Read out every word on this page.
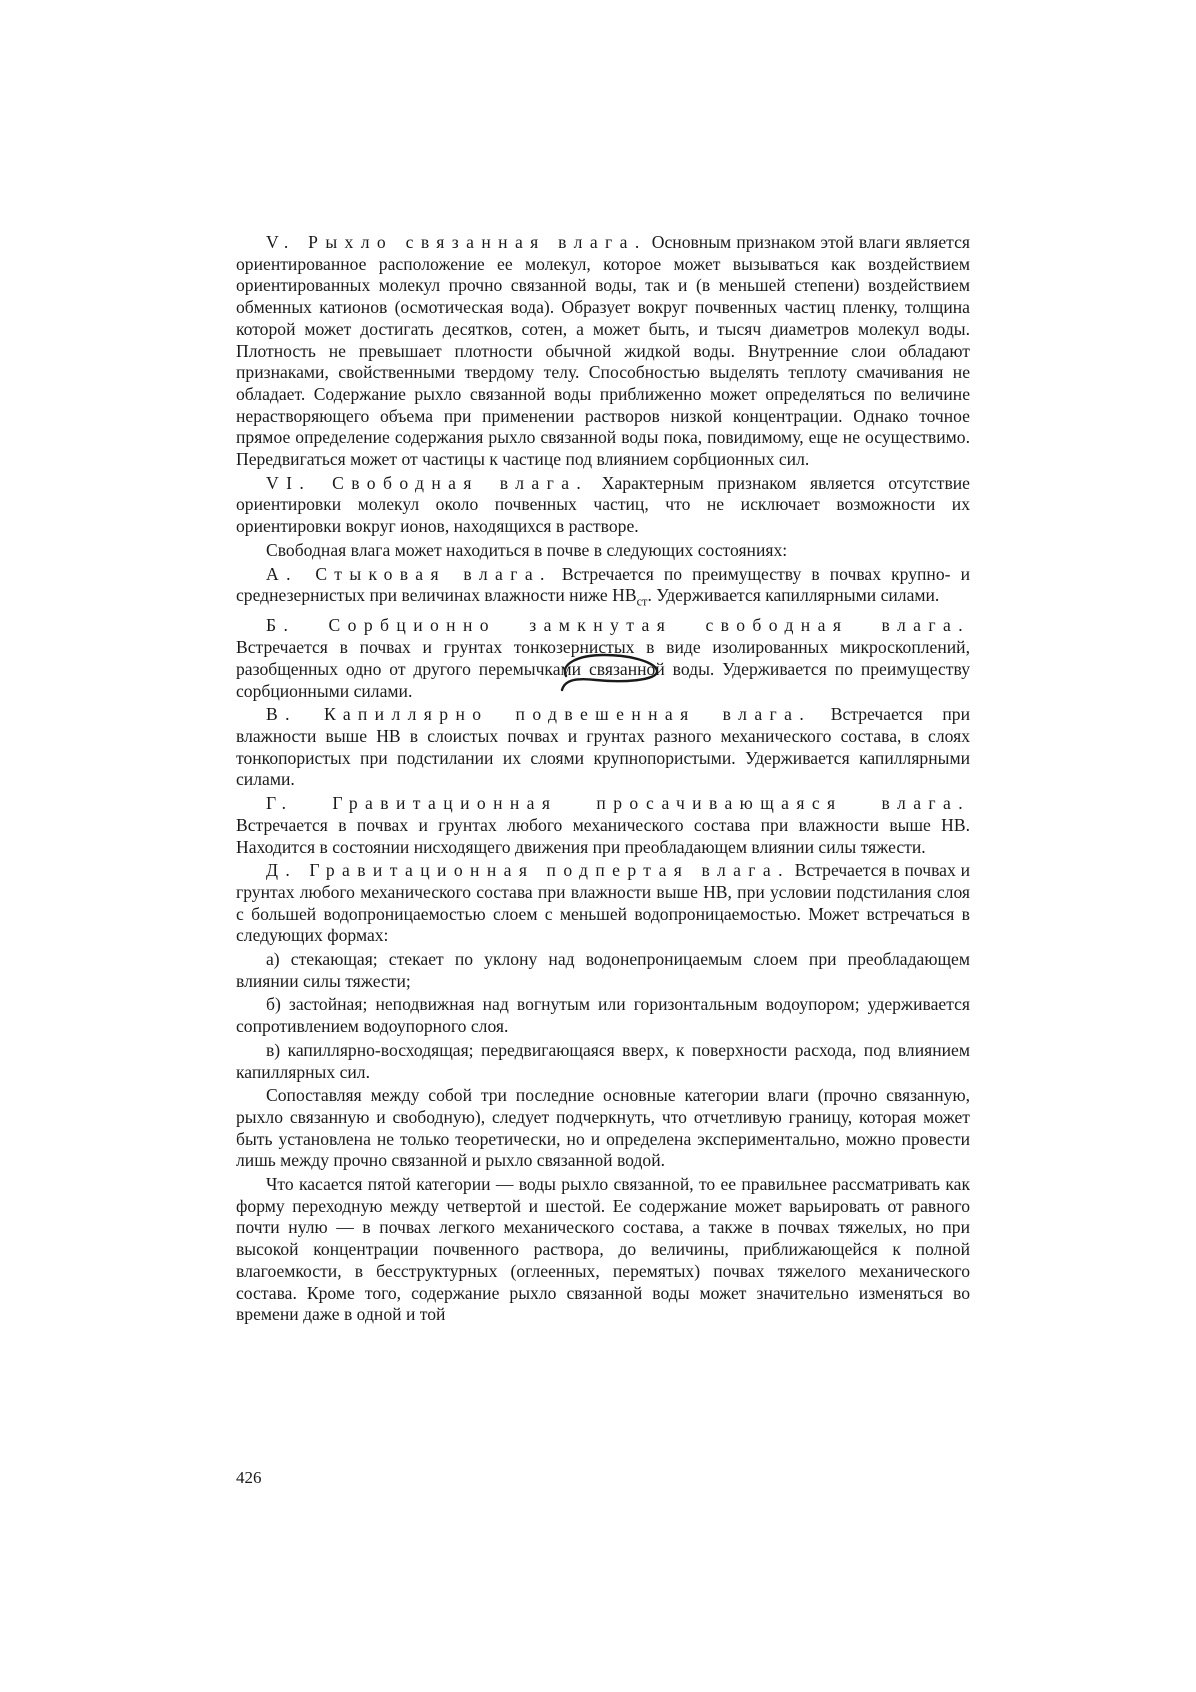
V. Рыхло связанная влага. Основным признаком этой влаги является ориентированное расположение ее молекул, которое может вызываться как воздействием ориентированных молекул прочно связанной воды, так и (в меньшей степени) воздействием обменных катионов (осмотическая вода). Образует вокруг почвенных частиц пленку, толщина которой может достигать десятков, сотен, а может быть, и тысяч диаметров молекул воды. Плотность не превышает плотности обычной жидкой воды. Внутренние слои обладают признаками, свойственными твердому телу. Способностью выделять теплоту смачивания не обладает. Содержание рыхло связанной воды приближенно может определяться по величине нерастворяющего объема при применении растворов низкой концентрации. Однако точное прямое определение содержания рыхло связанной воды пока, повидимому, еще не осуществимо. Передвигаться может от частицы к частице под влиянием сорбционных сил.

VI. Свободная влага. Характерным признаком является отсутствие ориентировки молекул около почвенных частиц, что не исключает возможности их ориентировки вокруг ионов, находящихся в растворе.

Свободная влага может находиться в почве в следующих состояниях:

А. Стыковая влага. Встречается по преимуществу в почвах крупно- и среднезернистых при величинах влажности ниже $НВ_{ст}$. Удерживается капиллярными силами.

Б. Сорбционно замкнутая свободная влага. Встречается в почвах и грунтах тонкозернистых в виде изолированных микроскоплений, разобщенных одно от другого перемычками связанной воды. Удерживается по преимуществу сорбционными силами.

В. Капиллярно подвешенная влага. Встречается при влажности выше НВ в слоистых почвах и грунтах разного механического состава, в слоях тонкопористых при подстилании их слоями крупнопористыми. Удерживается капиллярными силами.

Г. Гравитационная просачивающаяся влага. Встречается в почвах и грунтах любого механического состава при влажности выше НВ. Находится в состоянии нисходящего движения при преобладающем влиянии силы тяжести.

Д. Гравитационная подпертая влага. Встречается в почвах и грунтах любого механического состава при влажности выше НВ, при условии подстилания слоя с большей водопроницаемостью слоем с меньшей водопроницаемостью. Может встречаться в следующих формах:

а) стекающая; стекает по уклону над водонепроницаемым слоем при преобладающем влиянии силы тяжести;

б) застойная; неподвижная над вогнутым или горизонтальным водоупором; удерживается сопротивлением водоупорного слоя.

в) капиллярно-восходящая; передвигающаяся вверх, к поверхности расхода, под влиянием капиллярных сил.

Сопоставляя между собой три последние основные категории влаги (прочно связанную, рыхло связанную и свободную), следует подчеркнуть, что отчетливую границу, которая может быть установлена не только теоретически, но и определена экспериментально, можно провести лишь между прочно связанной и рыхло связанной водой.

Что касается пятой категории — воды рыхло связанной, то ее правильнее рассматривать как форму переходную между четвертой и шестой. Ее содержание может варьировать от равного почти нулю — в почвах легкого механического состава, а также в почвах тяжелых, но при высокой концентрации почвенного раствора, до величины, приближающейся к полной влагоемкости, в бесструктурных (оглеенных, перемятых) почвах тяжелого механического состава. Кроме того, содержание рыхло связанной воды может значительно изменяться во времени даже в одной и той

426
